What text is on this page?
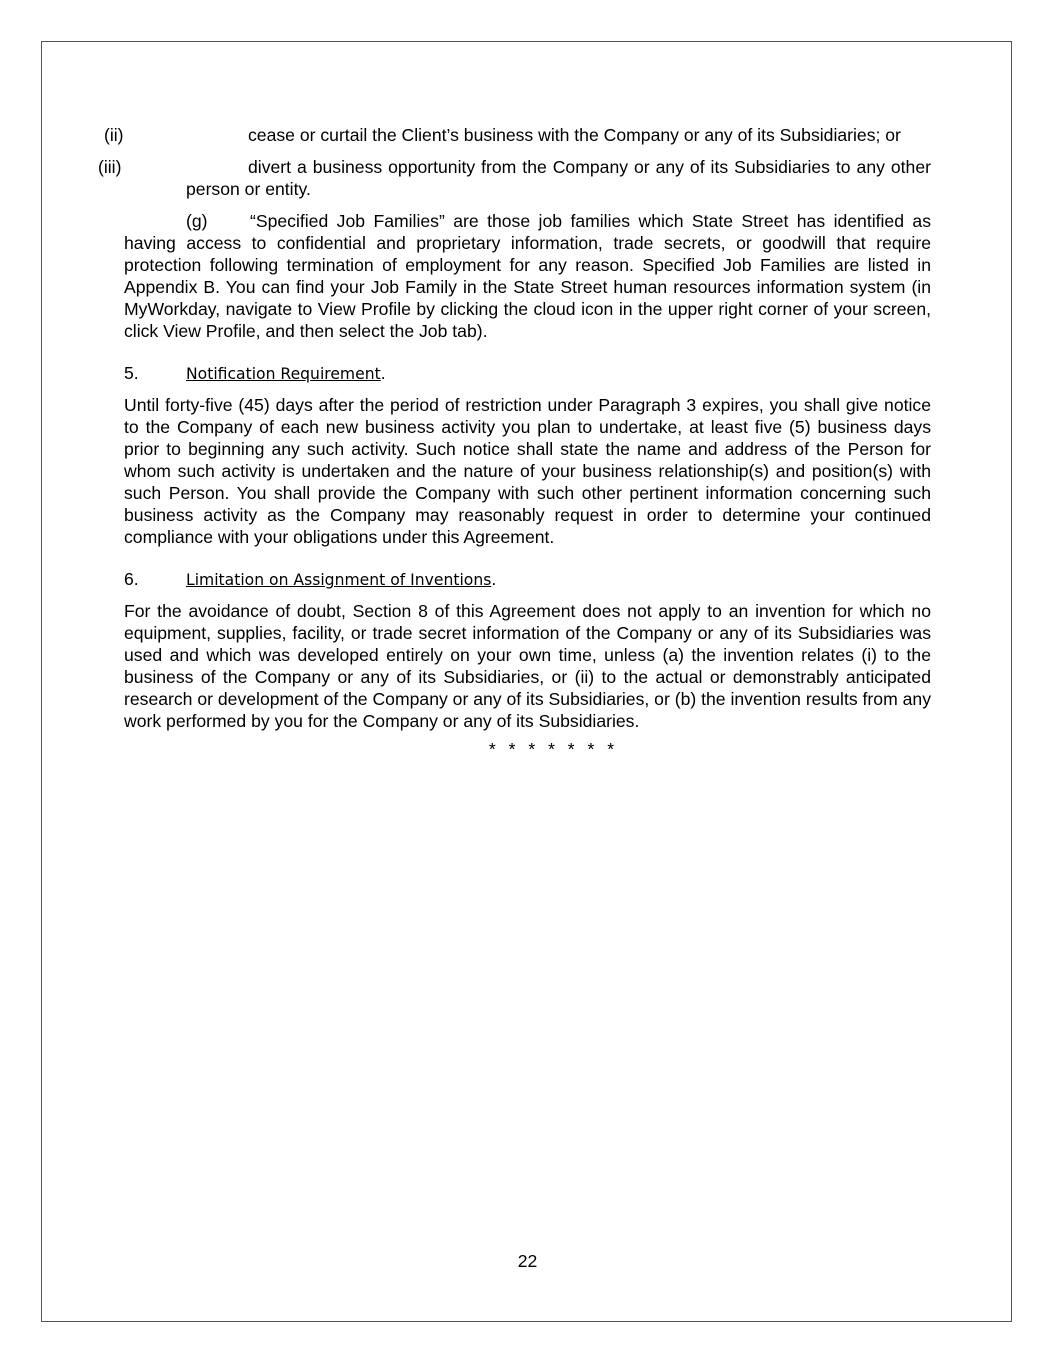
(ii)	cease or curtail the Client’s business with the Company or any of its Subsidiaries; or

(iii)	divert a business opportunity from the Company or any of its Subsidiaries to any other person or entity.

(g) “Specified Job Families” are those job families which State Street has identified as having access to confidential and proprietary information, trade secrets, or goodwill that require protection following termination of employment for any reason. Specified Job Families are listed in Appendix B. You can find your Job Family in the State Street human resources information system (in MyWorkday, navigate to View Profile by clicking the cloud icon in the upper right corner of your screen, click View Profile, and then select the Job tab).

5.	Notification Requirement.

Until forty-five (45) days after the period of restriction under Paragraph 3 expires, you shall give notice to the Company of each new business activity you plan to undertake, at least five (5) business days prior to beginning any such activity. Such notice shall state the name and address of the Person for whom such activity is undertaken and the nature of your business relationship(s) and position(s) with such Person. You shall provide the Company with such other pertinent information concerning such business activity as the Company may reasonably request in order to determine your continued compliance with your obligations under this Agreement.

6.	Limitation on Assignment of Inventions.

For the avoidance of doubt, Section 8 of this Agreement does not apply to an invention for which no equipment, supplies, facility, or trade secret information of the Company or any of its Subsidiaries was used and which was developed entirely on your own time, unless (a) the invention relates (i) to the business of the Company or any of its Subsidiaries, or (ii) to the actual or demonstrably anticipated research or development of the Company or any of its Subsidiaries, or (b) the invention results from any work performed by you for the Company or any of its Subsidiaries.

* * * * * * *
22
